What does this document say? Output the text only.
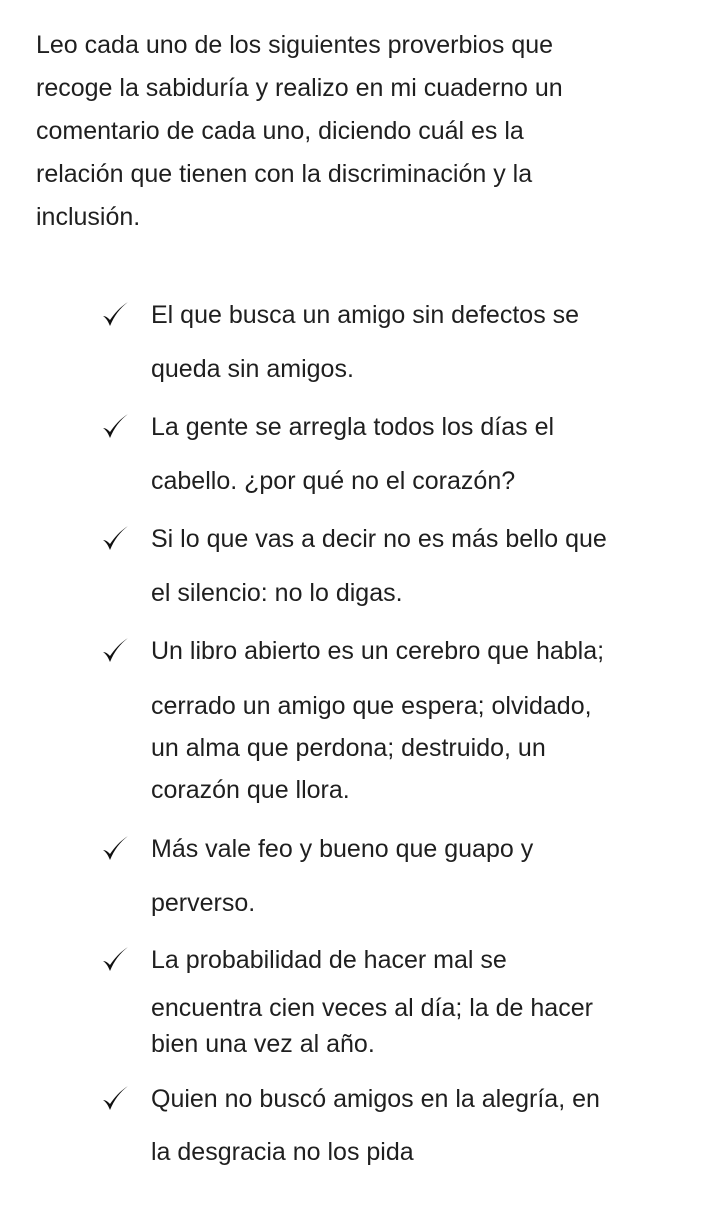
Leo cada uno de los siguientes proverbios que
recoge la sabiduría y realizo en mi cuaderno un
comentario de cada uno, diciendo cuál es la
relación que tienen con la discriminación y la
inclusión.

El que busca un amigo sin defectos se
queda sin amigos.
La gente se arregla todos los días el
cabello. ¿por qué no el corazón?
Si lo que vas a decir no es más bello que
el silencio: no lo digas.
Un libro abierto es un cerebro que habla;
cerrado un amigo que espera; olvidado,
un alma que perdona; destruido, un
corazón que llora.
Más vale feo y bueno que guapo y
perverso.
La probabilidad de hacer mal se
encuentra cien veces al día; la de hacer
bien una vez al año.
Quien no buscó amigos en la alegría, en
la desgracia no los pida
